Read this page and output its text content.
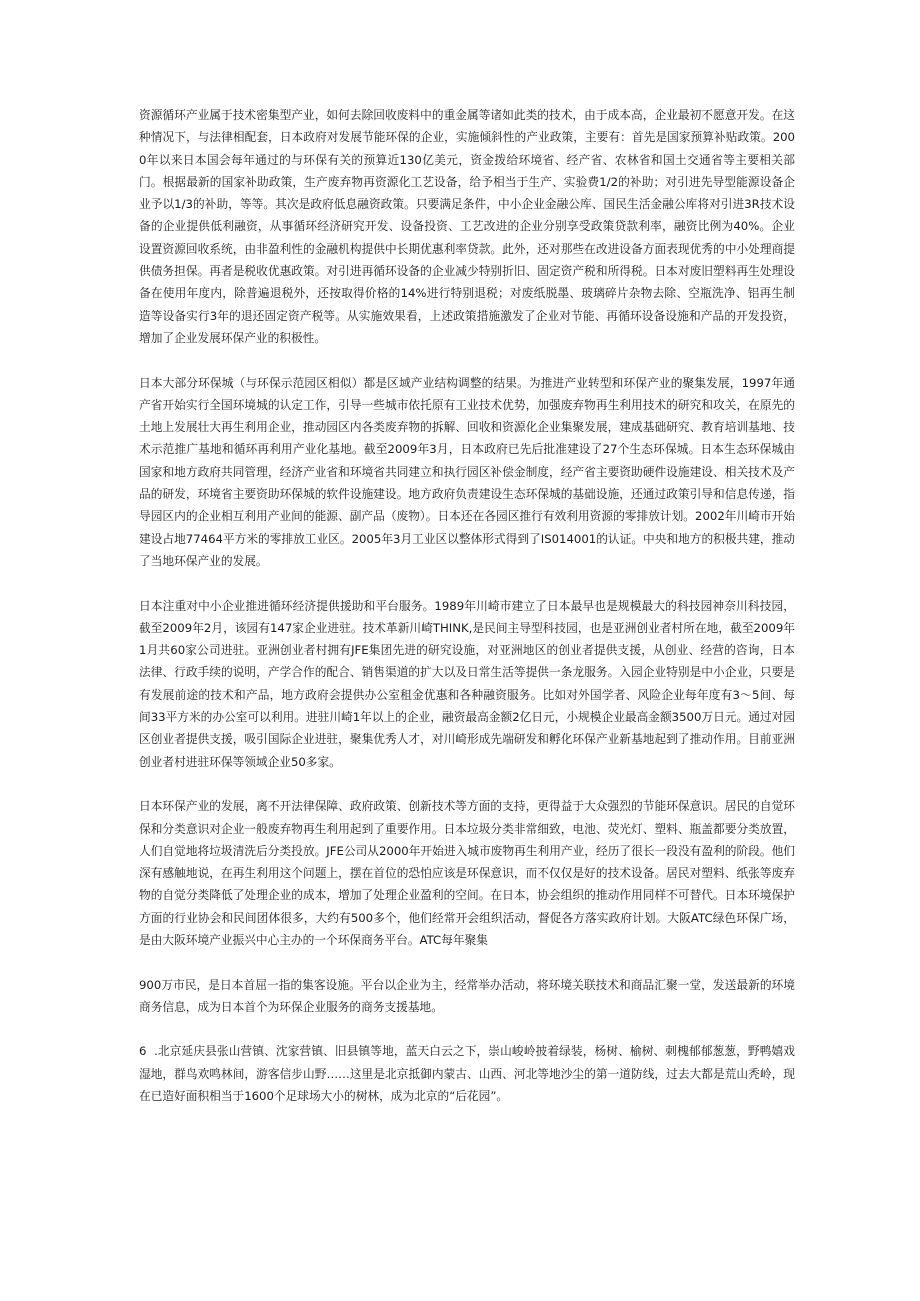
资源循环产业属于技术密集型产业，如何去除回收废料中的重金属等诸如此类的技术，由于成本高，企业最初不愿意开发。在这种情况下，与法律相配套，日本政府对发展节能环保的企业，实施倾斜性的产业政策，主要有：首先是国家预算补贴政策。2000年以来日本国会每年通过的与环保有关的预算近130亿美元，资金拨给环境省、经产省、农林省和国土交通省等主要相关部门。根据最新的国家补助政策，生产废弃物再资源化工艺设备，给予相当于生产、实验费1/2的补助；对引进先导型能源设备企业予以1/3的补助，等等。其次是政府低息融资政策。只要满足条件，中小企业金融公库、国民生活金融公库将对引进3R技术设备的企业提供低利融资，从事循环经济研究开发、设备投资、工艺改进的企业分别享受政策贷款利率，融资比例为40%。企业设置资源回收系统，由非盈利性的金融机构提供中长期优惠利率贷款。此外，还对那些在改进设备方面表现优秀的中小处理商提供债务担保。再者是税收优惠政策。对引进再循环设备的企业减少特别折旧、固定资产税和所得税。日本对废旧塑料再生处理设备在使用年度内，除普遍退税外，还按取得价格的14%进行特别退税；对废纸脱墨、玻璃碎片杂物去除、空瓶洗净、铝再生制造等设备实行3年的退还固定资产税等。从实施效果看，上述政策措施激发了企业对节能、再循环设备设施和产品的开发投资，增加了企业发展环保产业的积极性。

日本大部分环保城（与环保示范园区相似）都是区域产业结构调整的结果。为推进产业转型和环保产业的聚集发展，1997年通产省开始实行全国环境城的认定工作，引导一些城市依托原有工业技术优势，加强废弃物再生利用技术的研究和攻关，在原先的土地上发展壮大再生利用企业，推动园区内各类废弃物的拆解、回收和资源化企业集聚发展，建成基础研究、教育培训基地、技术示范推广基地和循环再利用产业化基地。截至2009年3月，日本政府已先后批准建设了27个生态环保城。日本生态环保城由国家和地方政府共同管理，经济产业省和环境省共同建立和执行园区补偿金制度，经产省主要资助硬件设施建设、相关技术及产品的研发，环境省主要资助环保城的软件设施建设。地方政府负责建设生态环保城的基础设施，还通过政策引导和信息传递，指导园区内的企业相互利用产业间的能源、副产品（废物）。日本还在各园区推行有效利用资源的零排放计划。2002年川崎市开始建设占地77464平方米的零排放工业区。2005年3月工业区以整体形式得到了IS014001的认证。中央和地方的积极共建，推动了当地环保产业的发展。

日本注重对中小企业推进循环经济提供援助和平台服务。1989年川崎市建立了日本最早也是规模最大的科技园神奈川科技园，截至2009年2月，该园有147家企业进驻。技术革新川崎THINK,是民间主导型科技园，也是亚洲创业者村所在地，截至2009年1月共60家公司进驻。亚洲创业者村拥有JFE集团先进的研究设施，对亚洲地区的创业者提供支援，从创业、经营的咨询，日本法律、行政手续的说明，产学合作的配合、销售渠道的扩大以及日常生活等提供一条龙服务。入园企业特别是中小企业，只要是有发展前途的技术和产品，地方政府会提供办公室租金优惠和各种融资服务。比如对外国学者、风险企业每年度有3～5间、每间33平方米的办公室可以利用。进驻川崎1年以上的企业，融资最高金额2亿日元，小规模企业最高金额3500万日元。通过对园区创业者提供支援，吸引国际企业进驻，聚集优秀人才，对川崎形成先端研发和孵化环保产业新基地起到了推动作用。目前亚洲创业者村进驻环保等领域企业50多家。

日本环保产业的发展，离不开法律保障、政府政策、创新技术等方面的支持，更得益于大众强烈的节能环保意识。居民的自觉环保和分类意识对企业一般废弃物再生利用起到了重要作用。日本垃圾分类非常细致，电池、荧光灯、塑料、瓶盖都要分类放置，人们自觉地将垃圾清洗后分类投放。JFE公司从2000年开始进入城市废物再生利用产业，经历了很长一段没有盈利的阶段。他们深有感触地说，在再生利用这个问题上，摆在首位的恐怕应该是环保意识，而不仅仅是好的技术设备。居民对塑料、纸张等废弃物的自觉分类降低了处理企业的成本，增加了处理企业盈利的空间。在日本，协会组织的推动作用同样不可替代。日本环境保护方面的行业协会和民间团体很多，大约有500多个，他们经常开会组织活动，督促各方落实政府计划。大阪ATC绿色环保广场，是由大阪环境产业振兴中心主办的一个环保商务平台。ATC每年聚集

900万市民，是日本首屈一指的集客设施。平台以企业为主，经常举办活动，将环境关联技术和商品汇聚一堂，发送最新的环境商务信息，成为日本首个为环保企业服务的商务支援基地。

6  .北京延庆县张山营镇、沈家营镇、旧县镇等地，蓝天白云之下，崇山峻岭披着绿装，杨树、榆树、刺槐郁郁葱葱，野鸭嬉戏湿地，群鸟欢鸣林间，游客信步山野……这里是北京抵御内蒙古、山西、河北等地沙尘的第一道防线，过去大都是荒山秃岭，现在已造好面积相当于1600个足球场大小的树林，成为北京的“后花园”。
